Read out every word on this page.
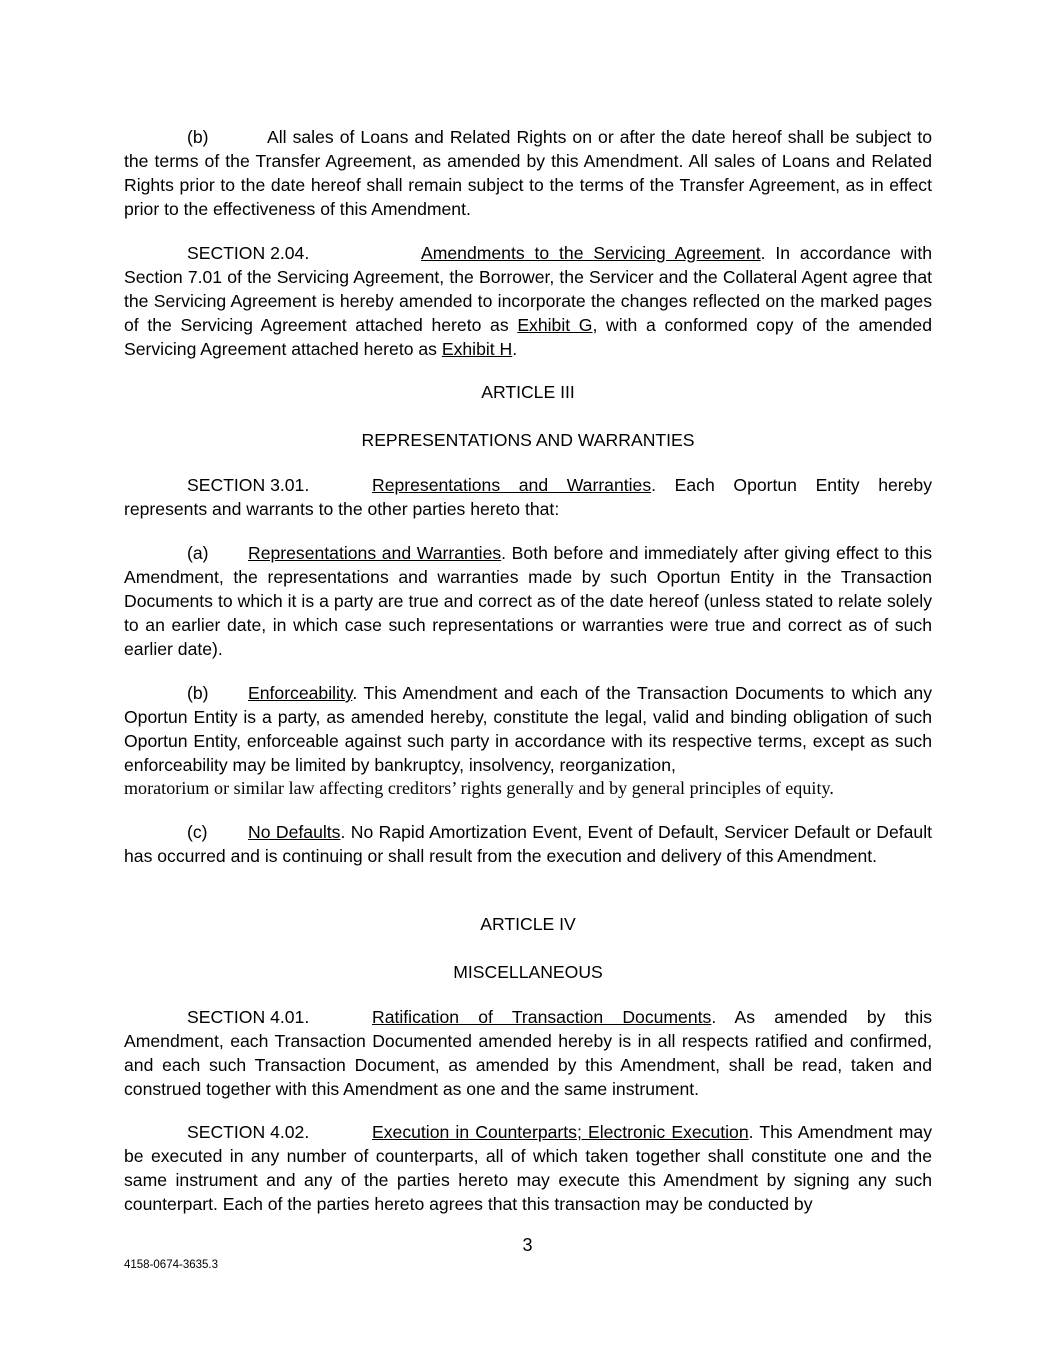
(b)	All sales of Loans and Related Rights on or after the date hereof shall be subject to the terms of the Transfer Agreement, as amended by this Amendment. All sales of Loans and Related Rights prior to the date hereof shall remain subject to the terms of the Transfer Agreement, as in effect prior to the effectiveness of this Amendment.

SECTION 2.04.	Amendments to the Servicing Agreement. In accordance with Section 7.01 of the Servicing Agreement, the Borrower, the Servicer and the Collateral Agent agree that the Servicing Agreement is hereby amended to incorporate the changes reflected on the marked pages of the Servicing Agreement attached hereto as Exhibit G, with a conformed copy of the amended Servicing Agreement attached hereto as Exhibit H.

ARTICLE III

REPRESENTATIONS AND WARRANTIES

SECTION 3.01.	Representations and Warranties. Each Oportun Entity hereby represents and warrants to the other parties hereto that:

(a) Representations and Warranties. Both before and immediately after giving effect to this Amendment, the representations and warranties made by such Oportun Entity in the Transaction Documents to which it is a party are true and correct as of the date hereof (unless stated to relate solely to an earlier date, in which case such representations or warranties were true and correct as of such earlier date).

(b) Enforceability. This Amendment and each of the Transaction Documents to which any Oportun Entity is a party, as amended hereby, constitute the legal, valid and binding obligation of such Oportun Entity, enforceable against such party in accordance with its respective terms, except as such enforceability may be limited by bankruptcy, insolvency, reorganization,

moratorium or similar law affecting creditors’ rights generally and by general principles of equity.

(c) No Defaults. No Rapid Amortization Event, Event of Default, Servicer Default or Default has occurred and is continuing or shall result from the execution and delivery of this Amendment.

ARTICLE IV

MISCELLANEOUS

SECTION 4.01.	Ratification of Transaction Documents. As amended by this Amendment, each Transaction Documented amended hereby is in all respects ratified and confirmed, and each such Transaction Document, as amended by this Amendment, shall be read, taken and construed together with this Amendment as one and the same instrument.

SECTION 4.02.	Execution in Counterparts; Electronic Execution. This Amendment may be executed in any number of counterparts, all of which taken together shall constitute one and the same instrument and any of the parties hereto may execute this Amendment by signing any such counterpart. Each of the parties hereto agrees that this transaction may be conducted by

3
4158-0674-3635.3
